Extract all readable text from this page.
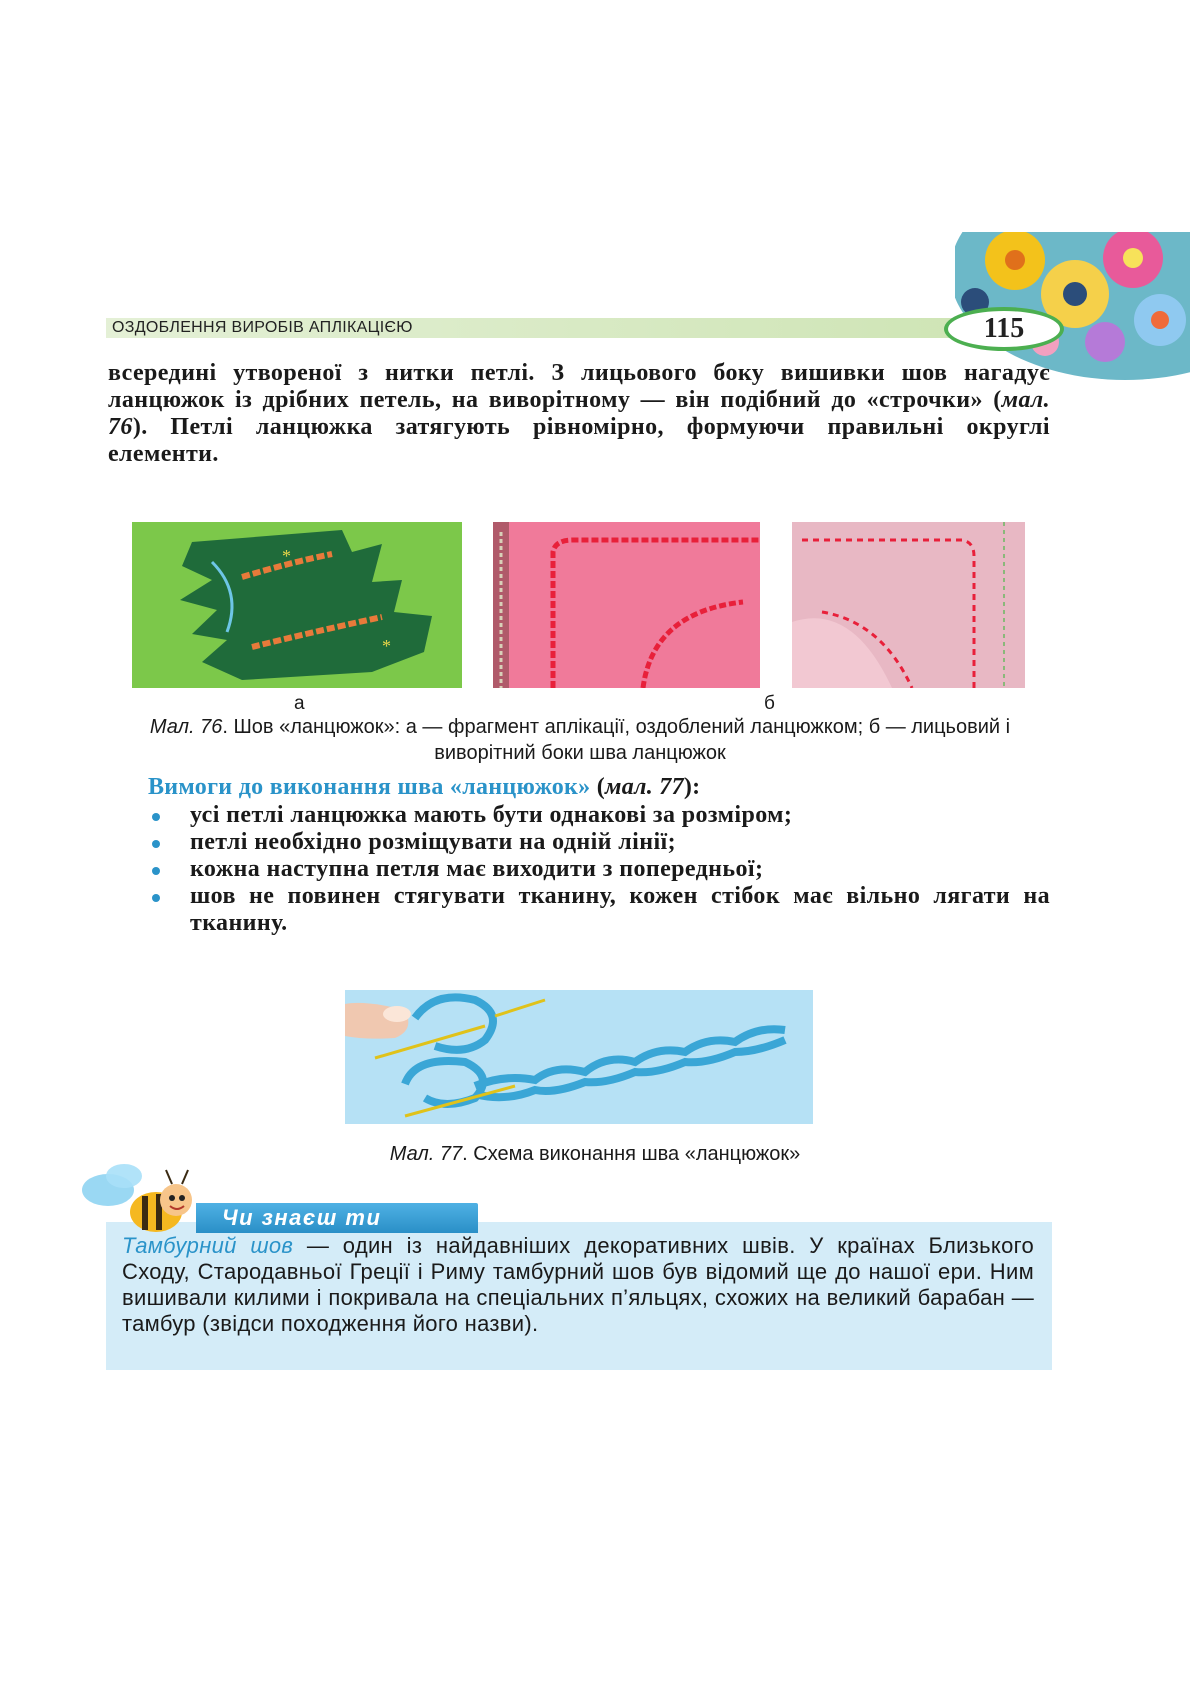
ОЗДОБЛЕННЯ ВИРОБІВ АПЛІКАЦІЄЮ	115
всередині утвореної з нитки петлі. З лицьового боку вишивки шов нагадує ланцюжок із дрібних петель, на виворітному — він подібний до «строчки» (мал. 76). Петлі ланцюжка затягують рівномірно, формуючи правильні округлі елементи.
*
*
а	б
Мал. 76. Шов «ланцюжок»: а — фрагмент аплікації, оздоблений ланцюжком; б — лицьовий і виворітний боки шва ланцюжок
Вимоги до виконання шва «ланцюжок» (мал. 77):
усі петлі ланцюжка мають бути однакові за розміром;
петлі необхідно розміщувати на одній лінії;
кожна наступна петля має виходити з попередньої;
шов не повинен стягувати тканину, кожен стібок має вільно лягати на тканину.
Мал. 77. Схема виконання шва «ланцюжок»
Чи знаєш ти
Тамбурний шов — один із найдавніших декоративних швів. У країнах Близького Сходу, Стародавньої Греції і Риму тамбурний шов був відомий ще до нашої ери. Ним вишивали килими і покривала на спеціальних п’яльцях, схожих на великий барабан — тамбур (звідси походження його назви).
